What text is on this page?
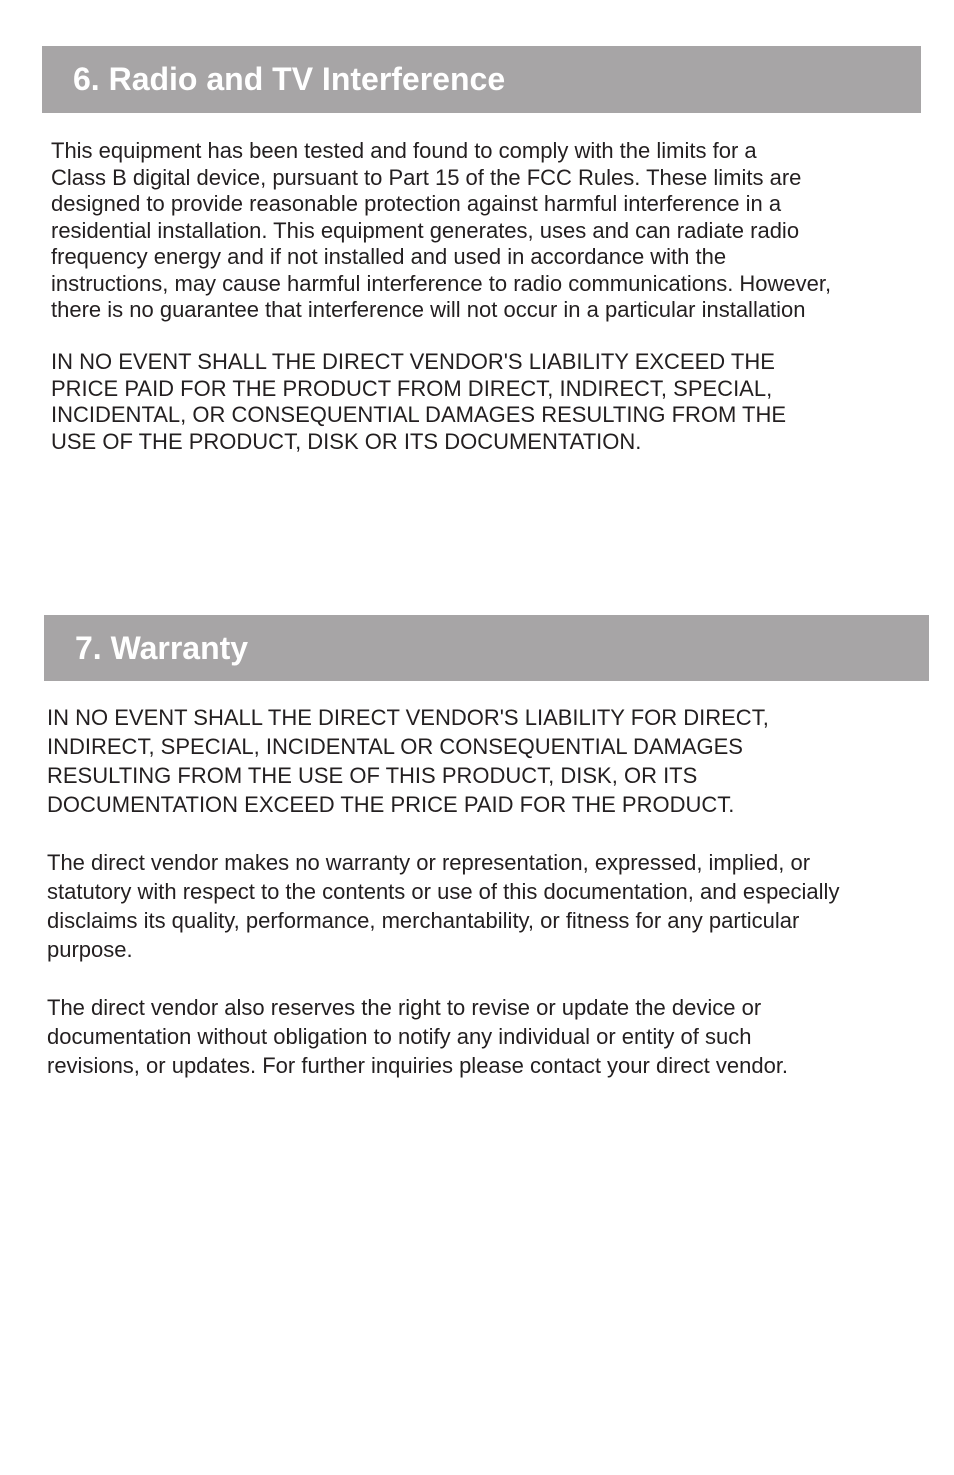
6. Radio and TV Interference

This equipment has been tested and found to comply with the limits for a
Class B digital device, pursuant to Part 15 of the FCC Rules. These limits are
designed to provide reasonable protection against harmful interference in a
residential installation. This equipment generates, uses and can radiate radio
frequency energy and if not installed and used in accordance with the
instructions, may cause harmful interference to radio communications. However,
there is no guarantee that interference will not occur in a particular installation

IN NO EVENT SHALL THE DIRECT VENDOR'S LIABILITY EXCEED THE
PRICE PAID FOR THE PRODUCT FROM DIRECT, INDIRECT, SPECIAL,
INCIDENTAL, OR CONSEQUENTIAL DAMAGES RESULTING FROM THE
USE OF THE PRODUCT, DISK OR ITS DOCUMENTATION.

7. Warranty

IN NO EVENT SHALL THE DIRECT VENDOR'S LIABILITY FOR DIRECT,
INDIRECT, SPECIAL, INCIDENTAL OR CONSEQUENTIAL DAMAGES
RESULTING FROM THE USE OF THIS PRODUCT, DISK, OR ITS
DOCUMENTATION EXCEED THE PRICE PAID FOR THE PRODUCT.

The direct vendor makes no warranty or representation, expressed, implied, or
statutory with respect to the contents or use of this documentation, and especially
disclaims its quality, performance, merchantability, or fitness for any particular
purpose.

The direct vendor also reserves the right to revise or update the device or
documentation without obligation to notify any individual or entity of such
revisions, or updates. For further inquiries please contact your direct vendor.
